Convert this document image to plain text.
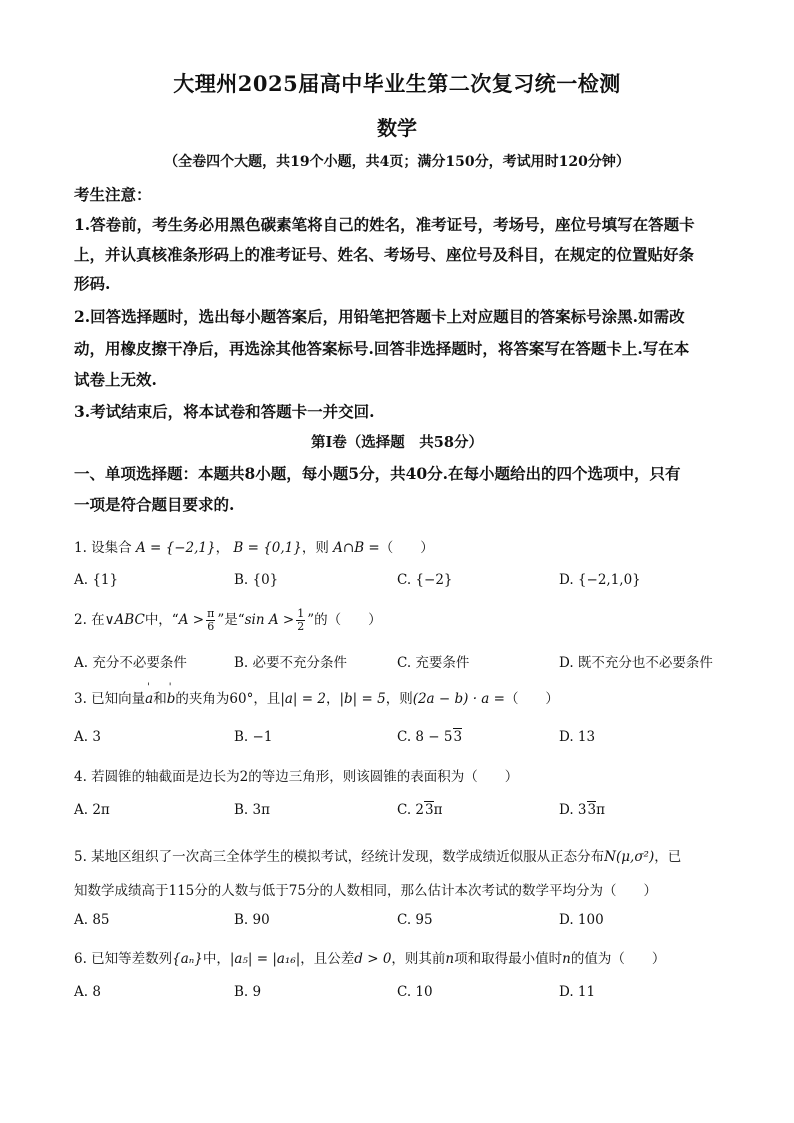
大理州2025届高中毕业生第二次复习统一检测
数学
（全卷四个大题，共19个小题，共4页；满分150分，考试用时120分钟）
考生注意：
1.答卷前，考生务必用黑色碳素笔将自己的姓名，准考证号，考场号，座位号填写在答题卡
上，并认真核准条形码上的准考证号、姓名、考场号、座位号及科目，在规定的位置贴好条
形码.
2.回答选择题时，选出每小题答案后，用铅笔把答题卡上对应题目的答案标号涂黑.如需改
动，用橡皮擦干净后，再选涂其他答案标号.回答非选择题时，将答案写在答题卡上.写在本
试卷上无效.
3.考试结束后，将本试卷和答题卡一并交回.
第Ⅰ卷（选择题　共58分）
一、单项选择题：本题共8小题，每小题5分，共40分.在每小题给出的四个选项中，只有
一项是符合题目要求的.
1. 设集合 A = {−2,1}， B = {0,1}，则 A∩B =（　　）
A. {1}	B. {0}	C. {−2}	D. {−2,1,0}
2. 在∨ABC中，“$A > \frac{\pi}{6}$ ”是“sin $A > \frac{1}{2}$ ”的（　　）
A. 充分不必要条件	B. 必要不充分条件	C. 充要条件	D. 既不充分也不必要条件
3. 已知向量' a和' b的夹角为60°，且|a| = 2，|b| = 5，则(2a − b) · a =（　　）
A. 3	B. −1	C. 8 − 53	D. 13
4. 若圆锥的轴截面是边长为2的等边三角形，则该圆锥的表面积为（　　）
A. 2π	B. 3π	C. 23π	D. 33π
5. 某地区组织了一次高三全体学生的模拟考试，经统计发现，数学成绩近似服从正态分布N(μ,σ²)，已
知数学成绩高于115分的人数与低于75分的人数相同，那么估计本次考试的数学平均分为（　　）
A. 85	B. 90	C. 95	D. 100
6. 已知等差数列{aₙ}中，|a₅| = |a₁₆|，且公差d > 0，则其前n项和取得最小值时n的值为（　　）
A. 8	B. 9	C. 10	D. 11
